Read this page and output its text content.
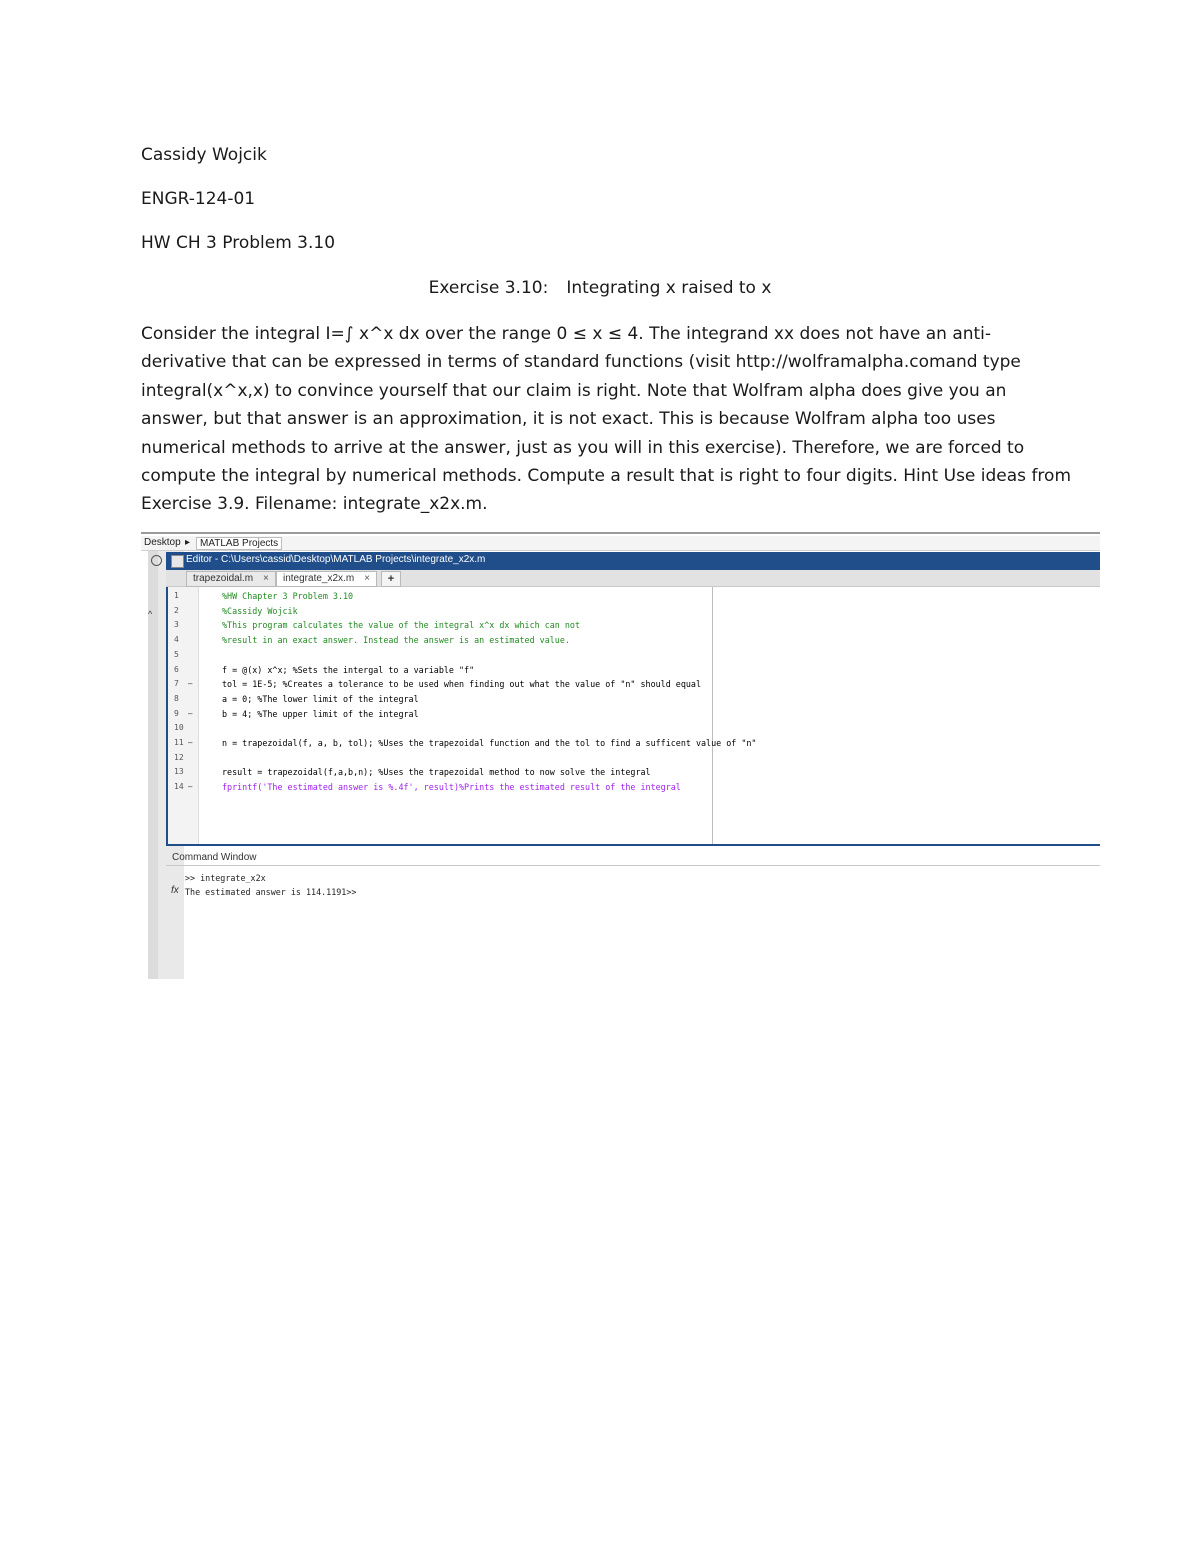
Cassidy Wojcik
ENGR-124-01
HW CH 3 Problem 3.10
Exercise 3.10: Integrating x raised to x
Consider the integral I=∫ x^x dx over the range 0 ≤ x ≤ 4. The integrand xx does not have an anti-derivative that can be expressed in terms of standard functions (visit http://wolframalpha.comand type integral(x^x,x) to convince yourself that our claim is right. Note that Wolfram alpha does give you an answer, but that answer is an approximation, it is not exact. This is because Wolfram alpha too uses numerical methods to arrive at the answer, just as you will in this exercise). Therefore, we are forced to compute the integral by numerical methods. Compute a result that is right to four digits. Hint Use ideas from Exercise 3.9. Filename: integrate_x2x.m.
Desktop ▸ MATLAB Projects
^
Editor - C:\Users\cassid\Desktop\MATLAB Projects\integrate_x2x.m
trapezoidal.m ×	integrate_x2x.m ×	+
1
2
3
4
5
6
7	–
8
9	–
10
11 –
12
13
14 –
%HW Chapter 3 Problem 3.10
%Cassidy Wojcik
%This program calculates the value of the integral x^x dx which can not
%result in an exact answer. Instead the answer is an estimated value.
f = @(x) x^x; %Sets the intergal to a variable "f"
tol = 1E-5; %Creates a tolerance to be used when finding out what the value of "n" should equal
a = 0; %The lower limit of the integral
b = 4; %The upper limit of the integral
n = trapezoidal(f, a, b, tol); %Uses the trapezoidal function and the tol to find a sufficent value of "n"
result = trapezoidal(f,a,b,n); %Uses the trapezoidal method to now solve the integral
fprintf('The estimated answer is %.4f', result)%Prints the estimated result of the integral
Command Window
>> integrate_x2x
The estimated answer is 114.1191>>
fx
